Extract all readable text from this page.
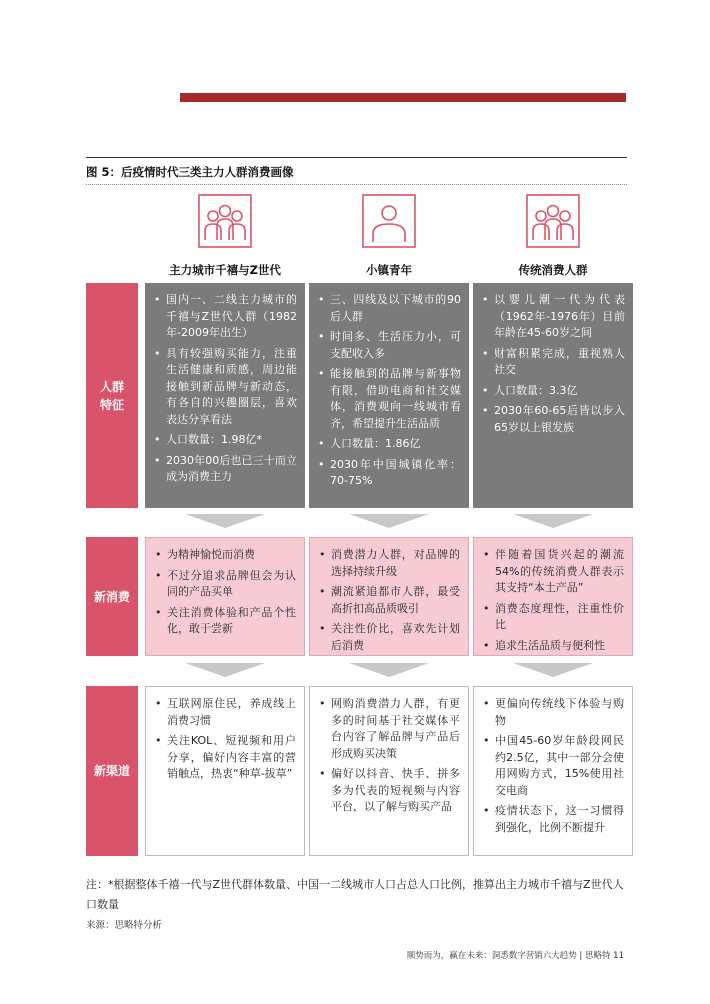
图 5：后疫情时代三类主力人群消费画像
主力城市千禧与Z世代	小镇青年	传统消费人群
人群
特征
• 国内一、二线主力城市的千禧与Z世代人群（1982年-2009年出生）
• 具有较强购买能力，注重生活健康和质感，周边能接触到新品牌与新动态，有各自的兴趣圈层，喜欢表达分享看法
• 人口数量：1.98亿*
• 2030年00后也已三十而立成为消费主力
• 三、四线及以下城市的90后人群
• 时间多、生活压力小，可支配收入多
• 能接触到的品牌与新事物有限，借助电商和社交媒体，消费观向一线城市看齐，希望提升生活品质
• 人口数量：1.86亿
• 2030年中国城镇化率：70-75%
• 以婴儿潮一代为代表（1962年-1976年）目前年龄在45-60岁之间
• 财富积累完成，重视熟人社交
• 人口数量：3.3亿
• 2030年60-65后皆以步入65岁以上银发族
新消费
• 为精神愉悦而消费
• 不过分追求品牌但会为认同的产品买单
• 关注消费体验和产品个性化，敢于尝新
• 消费潜力人群，对品牌的选择持续升级
• 潮流紧追都市人群，最受高折扣高品质吸引
• 关注性价比，喜欢先计划后消费
• 伴随着国货兴起的潮流54%的传统消费人群表示其支持“本土产品”
• 消费态度理性，注重性价比
• 追求生活品质与便利性
新渠道
• 互联网原住民，养成线上消费习惯
• 关注KOL、短视频和用户分享，偏好内容丰富的营销触点，热衷“种草-拔草”
• 网购消费潜力人群，有更多的时间基于社交媒体平台内容了解品牌与产品后形成购买决策
• 偏好以抖音、快手、拼多多为代表的短视频与内容平台，以了解与购买产品
• 更偏向传统线下体验与购物
• 中国45-60岁年龄段网民约2.5亿，其中一部分会使用网购方式，15%使用社交电商
• 疫情状态下，这一习惯得到强化，比例不断提升
注：*根据整体千禧一代与Z世代群体数量、中国一二线城市人口占总人口比例，推算出主力城市千禧与Z世代人口数量
来源：思略特分析
顺势而为，赢在未来：洞悉数字营销六大趋势 | 思略特 11
